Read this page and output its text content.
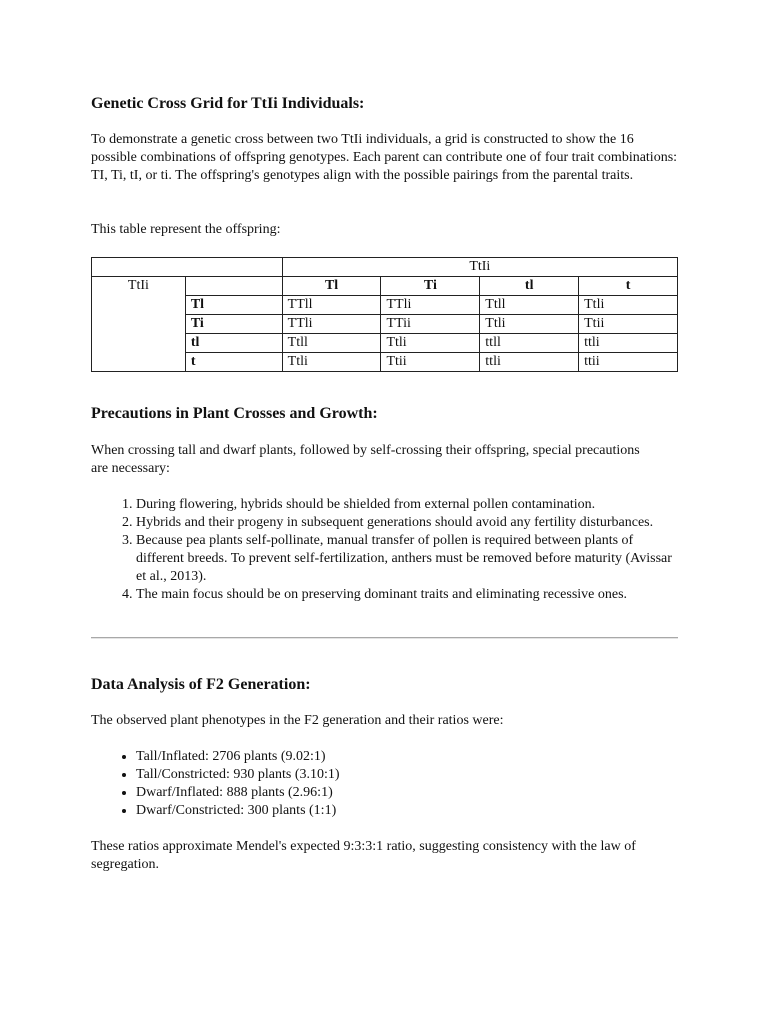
Genetic Cross Grid for TtIi Individuals:

To demonstrate a genetic cross between two TtIi individuals, a grid is constructed to show the 16 possible combinations of offspring genotypes. Each parent can contribute one of four trait combinations: TI, Ti, tI, or ti. The offspring's genotypes align with the possible pairings from the parental traits.

This table represent the offspring:

		TtIi			
TtIi		Tl	Ti	tl	t
	Tl	TTll	TTli	Ttll	Ttli
	Ti	TTli	TTii	Ttli	Ttii
	tl	Ttll	Ttli	ttll	ttli
	t	Ttli	Ttii	ttli	ttii
Precautions in Plant Crosses and Growth:

When crossing tall and dwarf plants, followed by self-crossing their offspring, special precautions are necessary:

1. During flowering, hybrids should be shielded from external pollen contamination.
2. Hybrids and their progeny in subsequent generations should avoid any fertility disturbances.
3. Because pea plants self-pollinate, manual transfer of pollen is required between plants of different breeds. To prevent self-fertilization, anthers must be removed before maturity (Avissar et al., 2013).
4. The main focus should be on preserving dominant traits and eliminating recessive ones.
Data Analysis of F2 Generation:

The observed plant phenotypes in the F2 generation and their ratios were:

• Tall/Inflated: 2706 plants (9.02:1)
• Tall/Constricted: 930 plants (3.10:1)
• Dwarf/Inflated: 888 plants (2.96:1)
• Dwarf/Constricted: 300 plants (1:1)

These ratios approximate Mendel's expected 9:3:3:1 ratio, suggesting consistency with the law of segregation.
